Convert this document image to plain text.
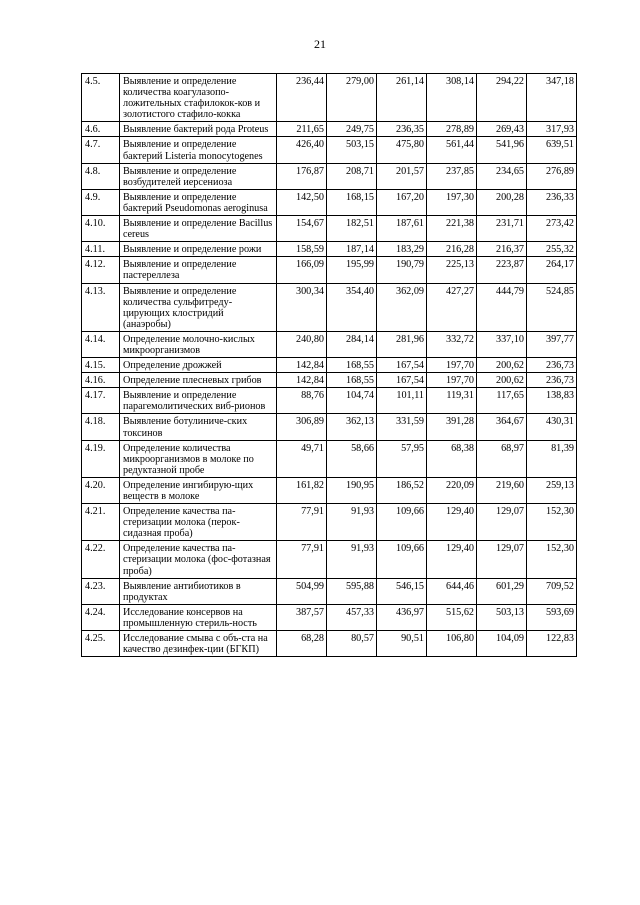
21
4.5.	Выявление и определение количества коагулазопо-ложительных стафилокок-ков и золотистого стафило-кокка	236,44	279,00	261,14	308,14	294,22	347,18
4.6.	Выявление бактерий рода Proteus	211,65	249,75	236,35	278,89	269,43	317,93
4.7.	Выявление и определение бактерий Listeria monocytogenes	426,40	503,15	475,80	561,44	541,96	639,51
4.8.	Выявление и определение возбудителей иерсениоза	176,87	208,71	201,57	237,85	234,65	276,89
4.9.	Выявление и определение бактерий Pseudomonas aeroginusa	142,50	168,15	167,20	197,30	200,28	236,33
4.10.	Выявление и определение Bacillus cereus	154,67	182,51	187,61	221,38	231,71	273,42
4.11.	Выявление и определение рожи	158,59	187,14	183,29	216,28	216,37	255,32
4.12.	Выявление и определение пастереллеза	166,09	195,99	190,79	225,13	223,87	264,17
4.13.	Выявление и определение количества сульфитреду-цирующих клостридий (анаэробы)	300,34	354,40	362,09	427,27	444,79	524,85
4.14.	Определение молочно-кислых микроорганизмов	240,80	284,14	281,96	332,72	337,10	397,77
4.15.	Определение дрожжей	142,84	168,55	167,54	197,70	200,62	236,73
4.16.	Определение плесневых грибов	142,84	168,55	167,54	197,70	200,62	236,73
4.17.	Выявление и определение парагемолитических виб-рионов	88,76	104,74	101,11	119,31	117,65	138,83
4.18.	Выявление ботулиниче-ских токсинов	306,89	362,13	331,59	391,28	364,67	430,31
4.19.	Определение количества микроорганизмов в молоке по редуктазной пробе	49,71	58,66	57,95	68,38	68,97	81,39
4.20.	Определение ингибирую-щих веществ в молоке	161,82	190,95	186,52	220,09	219,60	259,13
4.21.	Определение качества па-стеризации молока (перок-сидазная проба)	77,91	91,93	109,66	129,40	129,07	152,30
4.22.	Определение качества па-стеризации молока (фос-фотазная проба)	77,91	91,93	109,66	129,40	129,07	152,30
4.23.	Выявление антибиотиков в продуктах	504,99	595,88	546,15	644,46	601,29	709,52
4.24.	Исследование консервов на промышленную стериль-ность	387,57	457,33	436,97	515,62	503,13	593,69
4.25.	Исследование смыва с объ-ста на качество дезинфек-ции (БГКП)	68,28	80,57	90,51	106,80	104,09	122,83
